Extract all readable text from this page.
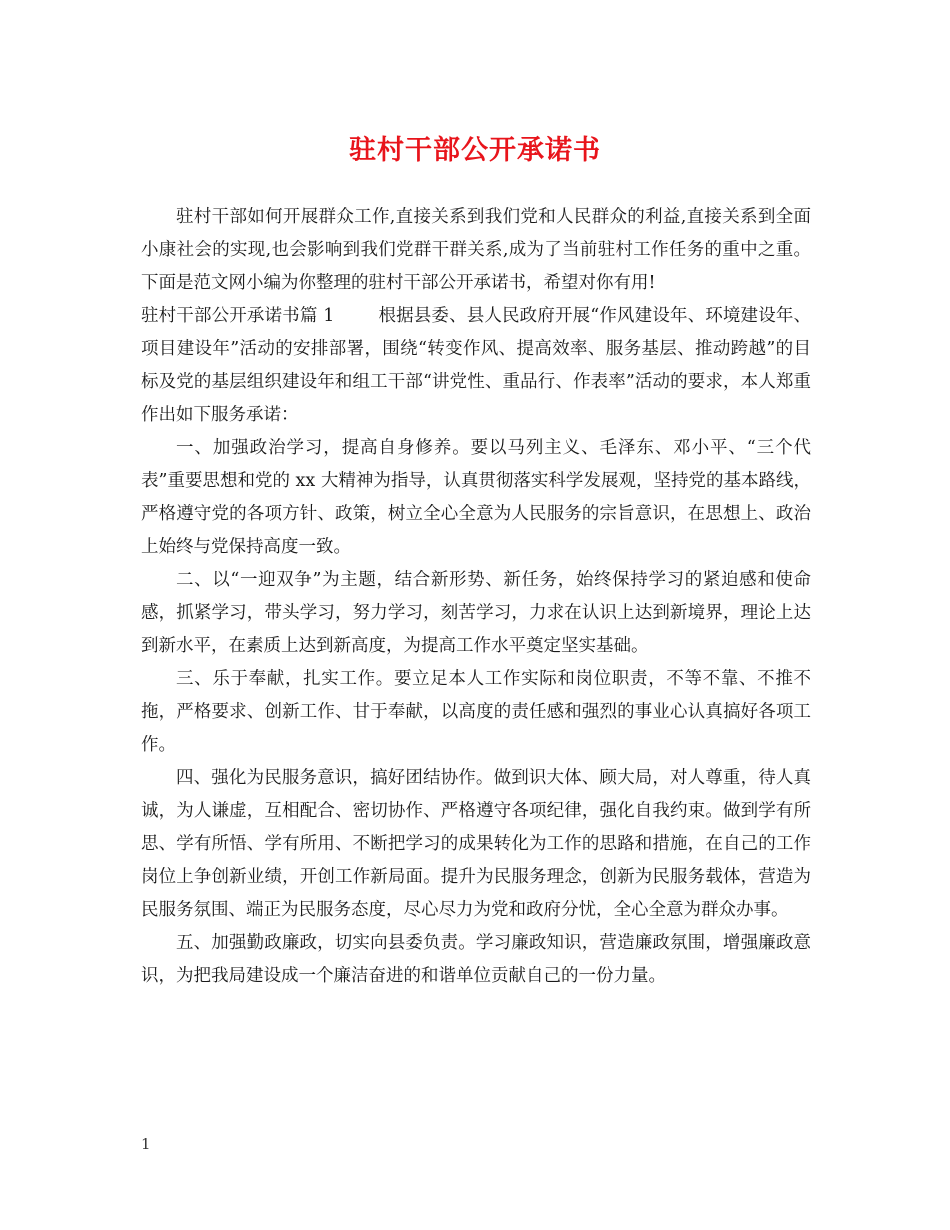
驻村干部公开承诺书

驻村干部如何开展群众工作,直接关系到我们党和人民群众的利益,直接关系到全面小康社会的实现,也会影响到我们党群干群关系,成为了当前驻村工作任务的重中之重。下面是范文网小编为你整理的驻村干部公开承诺书，希望对你有用!

驻村干部公开承诺书篇 1	根据县委、县人民政府开展“作风建设年、环境建设年、项目建设年”活动的安排部署，围绕“转变作风、提高效率、服务基层、推动跨越”的目标及党的基层组织建设年和组工干部“讲党性、重品行、作表率”活动的要求，本人郑重作出如下服务承诺：

一、加强政治学习，提高自身修养。要以马列主义、毛泽东、邓小平、“三个代表”重要思想和党的 xx 大精神为指导，认真贯彻落实科学发展观，坚持党的基本路线，严格遵守党的各项方针、政策，树立全心全意为人民服务的宗旨意识，在思想上、政治上始终与党保持高度一致。

二、以“一迎双争”为主题，结合新形势、新任务，始终保持学习的紧迫感和使命感，抓紧学习，带头学习，努力学习，刻苦学习，力求在认识上达到新境界，理论上达到新水平，在素质上达到新高度，为提高工作水平奠定坚实基础。

三、乐于奉献，扎实工作。要立足本人工作实际和岗位职责，不等不靠、不推不拖，严格要求、创新工作、甘于奉献，以高度的责任感和强烈的事业心认真搞好各项工作。

四、强化为民服务意识，搞好团结协作。做到识大体、顾大局，对人尊重，待人真诚，为人谦虚，互相配合、密切协作、严格遵守各项纪律，强化自我约束。做到学有所思、学有所悟、学有所用、不断把学习的成果转化为工作的思路和措施，在自己的工作岗位上争创新业绩，开创工作新局面。提升为民服务理念，创新为民服务载体，营造为民服务氛围、端正为民服务态度，尽心尽力为党和政府分忧，全心全意为群众办事。

五、加强勤政廉政，切实向县委负责。学习廉政知识，营造廉政氛围，增强廉政意识，为把我局建设成一个廉洁奋进的和谐单位贡献自己的一份力量。

1
